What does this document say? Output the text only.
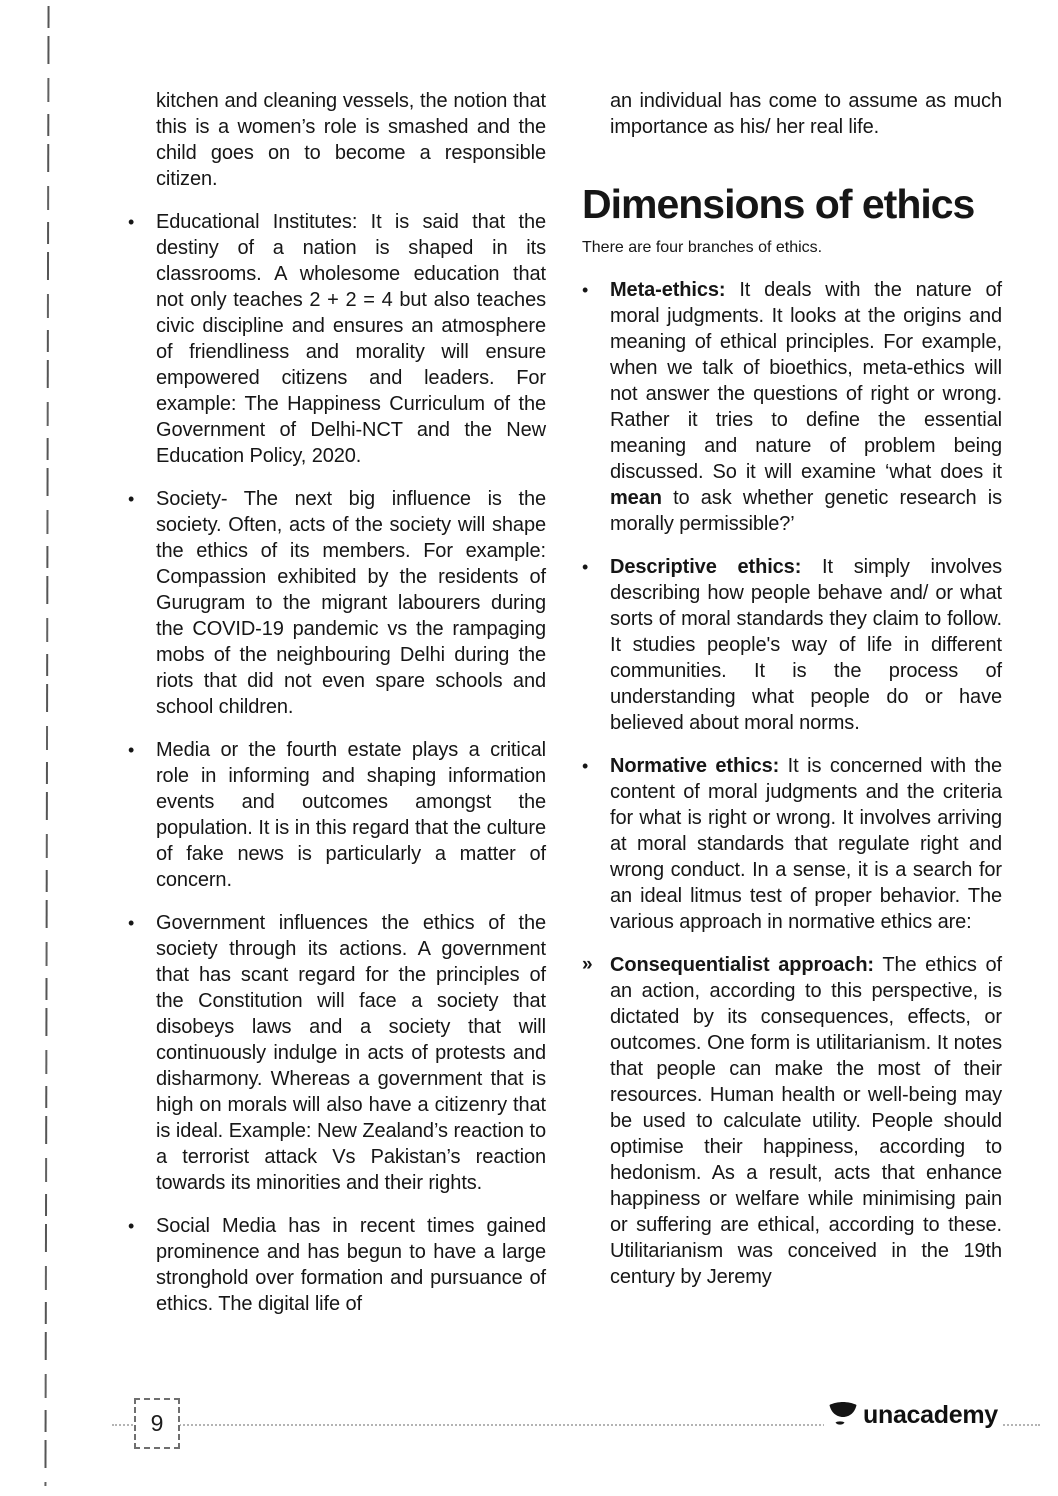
kitchen and cleaning vessels, the notion that this is a women’s role is smashed and the child goes on to become a responsible citizen.
•	Educational Institutes: It is said that the destiny of a nation is shaped in its classrooms. A wholesome education that not only teaches 2 + 2 = 4 but also teaches civic discipline and ensures an atmosphere of friendliness and morality will ensure empowered citizens and leaders. For example: The Happiness Curriculum of the Government of Delhi-NCT and the New Education Policy, 2020.
•	Society- The next big influence is the society. Often, acts of the society will shape the ethics of its members. For example: Compassion exhibited by the residents of Gurugram to the migrant labourers during the COVID-19 pandemic vs the rampaging mobs of the neighbouring Delhi during the riots that did not even spare schools and school children.
•	Media or the fourth estate plays a critical role in informing and shaping information events and outcomes amongst the population. It is in this regard that the culture of fake news is particularly a matter of concern.
•	Government influences the ethics of the society through its actions. A government that has scant regard for the principles of the Constitution will face a society that disobeys laws and a society that will continuously indulge in acts of protests and disharmony. Whereas a government that is high on morals will also have a citizenry that is ideal. Example: New Zealand’s reaction to a terrorist attack Vs Pakistan’s reaction towards its minorities and their rights.
•	Social Media has in recent times gained prominence and has begun to have a large stronghold over formation and pursuance of ethics. The digital life of
an individual has come to assume as much importance as his/ her real life.
Dimensions of ethics
There are four branches of ethics.
•	Meta-ethics: It deals with the nature of moral judgments. It looks at the origins and meaning of ethical principles. For example, when we talk of bioethics, meta-ethics will not answer the questions of right or wrong. Rather it tries to define the essential meaning and nature of problem being discussed. So it will examine ‘what does it mean to ask whether genetic research is morally permissible?’
•	Descriptive ethics: It simply involves describing how people behave and/ or what sorts of moral standards they claim to follow. It studies people's way of life in different communities. It is the process of understanding what people do or have believed about moral norms.
•	Normative ethics: It is concerned with the content of moral judgments and the criteria for what is right or wrong. It involves arriving at moral standards that regulate right and wrong conduct. In a sense, it is a search for an ideal litmus test of proper behavior. The various approach in normative ethics are:
» Consequentialist approach: The ethics of an action, according to this perspective, is dictated by its consequences, effects, or outcomes. One form is utilitarianism. It notes that people can make the most of their resources. Human health or well-being may be used to calculate utility. People should optimise their happiness, according to hedonism. As a result, acts that enhance happiness or welfare while minimising pain or suffering are ethical, according to these. Utilitarianism was conceived in the 19th century by Jeremy
9	unacademy
